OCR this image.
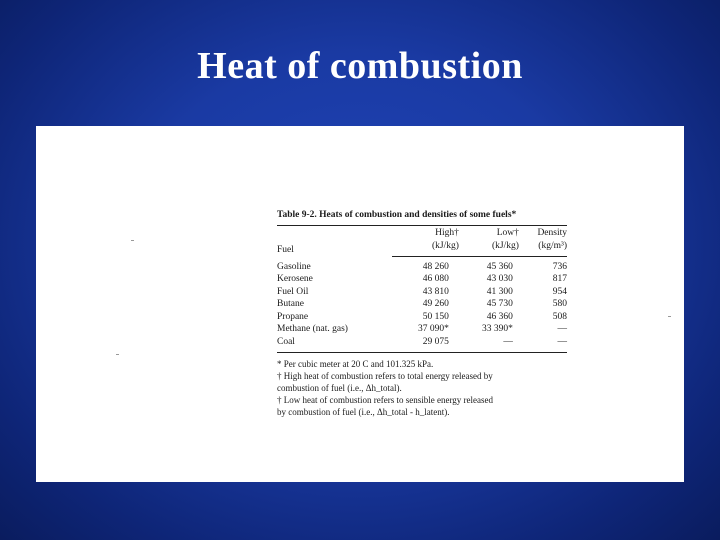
Heat of combustion
Table 9-2. Heats of combustion and densities of some fuels*
Fuel	High†	Low†	Density
	(kJ/kg)	(kJ/kg)	(kg/m³)
Gasoline	48 260	45 360	736
Kerosene	46 080	43 030	817
Fuel Oil	43 810	41 300	954
Butane	49 260	45 730	580
Propane	50 150	46 360	508
Methane (nat. gas)	37 090*	33 390*	—
Coal	29 075	—	—
* Per cubic meter at 20 C and 101.325 kPa.
† High heat of combustion refers to total energy released by
combustion of fuel (i.e., Δh_total).
† Low heat of combustion refers to sensible energy released
by combustion of fuel (i.e., Δh_total - h_latent).
